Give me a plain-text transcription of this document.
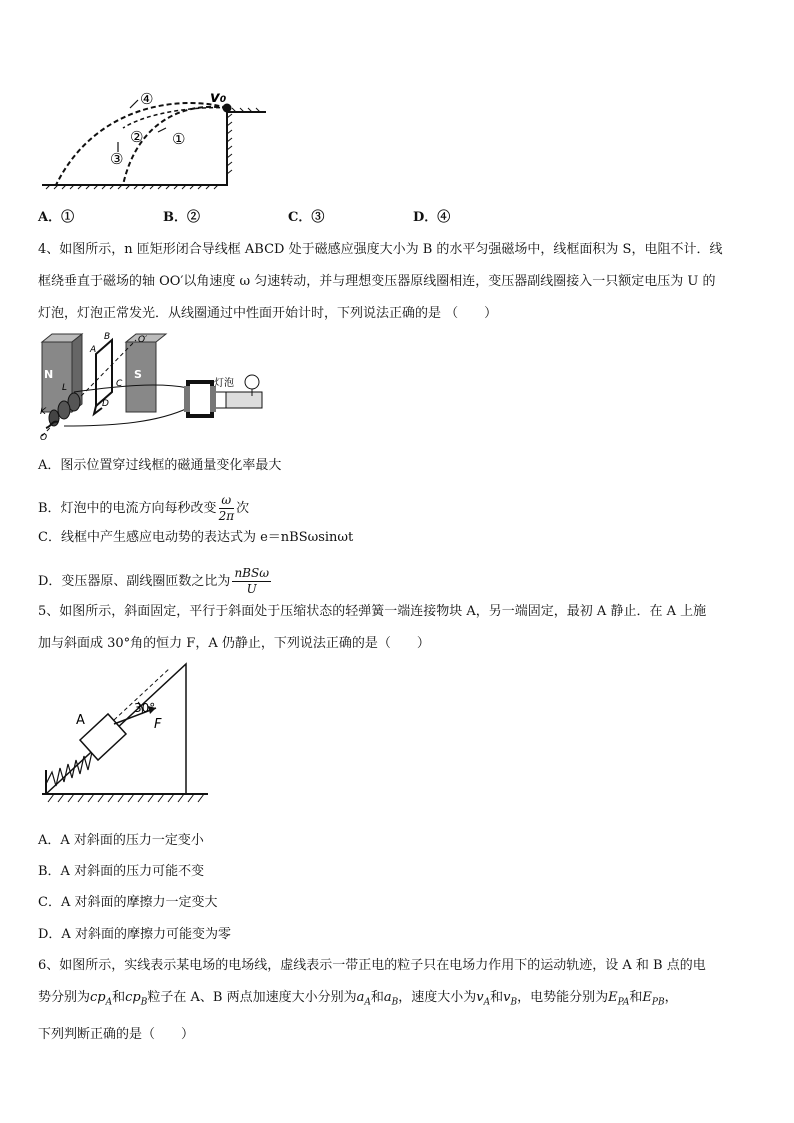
v₀
④
② ①
③
A．①	B．②	C．③	D．④
4、如图所示，n 匝矩形闭合导线框 ABCD 处于磁感应强度大小为 B 的水平匀强磁场中，线框面积为 S，电阻不计．线
框绕垂直于磁场的轴 OO′以角速度 ω 匀速转动，并与理想变压器原线圈相连，变压器副线圈接入一只额定电压为 U 的
灯泡，灯泡正常发光．从线圈通过中性面开始计时，下列说法正确的是 （　　）
N	S
A
B
C
D
L
K
O
O′
灯泡
A．图示位置穿过线框的磁通量变化率最大
B．灯泡中的电流方向每秒改变 $\frac{\omega}{2\pi}$ 次
C．线框中产生感应电动势的表达式为 e＝nBSωsinωt
D．变压器原、副线圈匝数之比为 $\frac{\text{nBSω}}{U}$
5、如图所示，斜面固定，平行于斜面处于压缩状态的轻弹簧一端连接物块 A，另一端固定，最初 A 静止．在 A 上施
加与斜面成 30°角的恒力 F，A 仍静止，下列说法正确的是（　　）
A
30°
F
A．A 对斜面的压力一定变小
B．A 对斜面的压力可能不变
C．A 对斜面的摩擦力一定变大
D．A 对斜面的摩擦力可能变为零
6、如图所示，实线表示某电场的电场线，虚线表示一带正电的粒子只在电场力作用下的运动轨迹，设 A 和 B 点的电
势分别为$cp_A$和$cp_B$粒子在 A、B 两点加速度大小分别为$a_A$和$a_B$，速度大小为$v_A$和$v_B$，电势能分别为$E_{PA}$和$E_{PB}$，
下列判断正确的是（　　）
